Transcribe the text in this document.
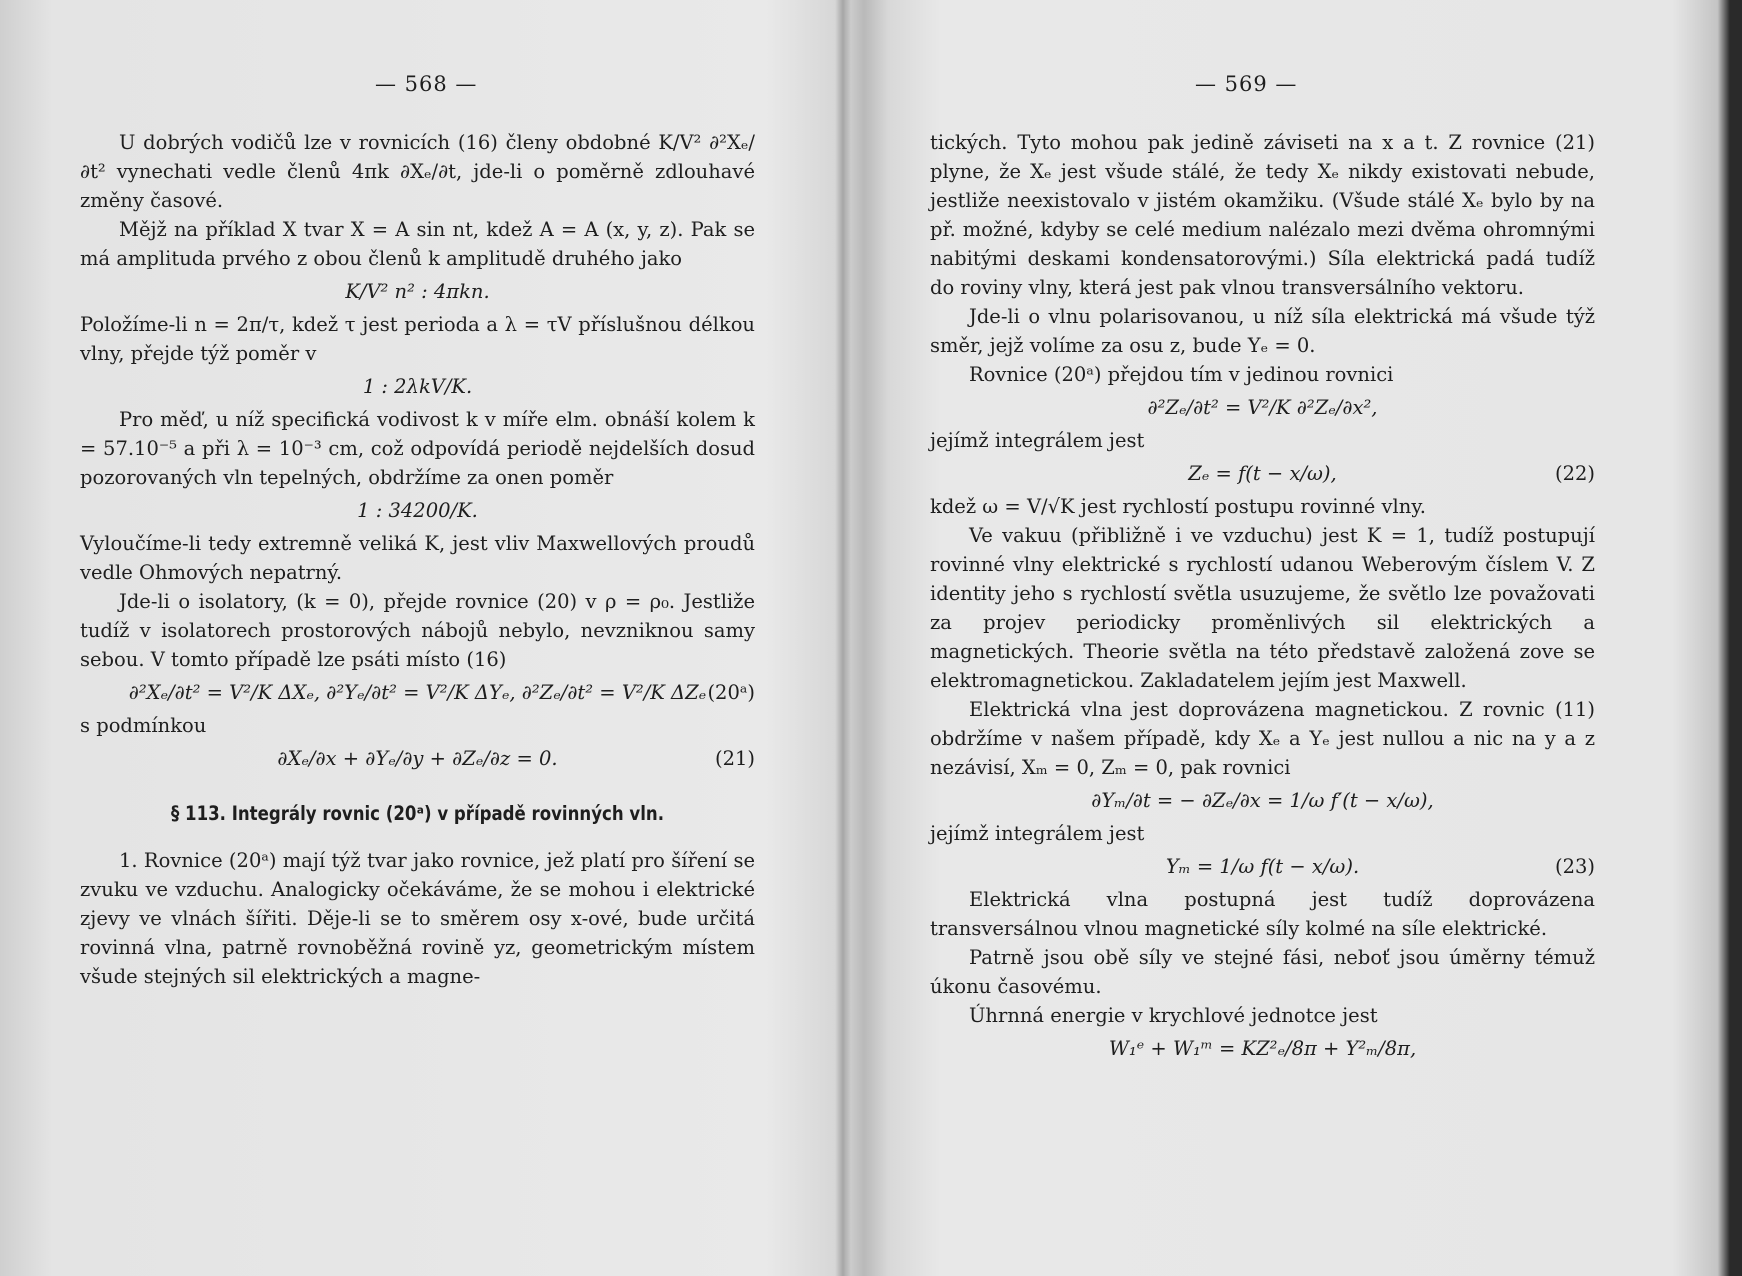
— 568 —

U dobrých vodičů lze v rovnicích (16) členy obdobné K/V² ∂²Xₑ/∂t² vynechati vedle členů 4πk ∂Xₑ/∂t, jde-li o poměrně zdlouhavé změny časové.

Mějž na příklad X tvar X = A sin nt, kdež A = A (x, y, z). Pak se má amplituda prvého z obou členů k amplitudě druhého jako

K/V² n² : 4πkn.

Položíme-li n = 2π/τ, kdež τ jest perioda a λ = τV příslušnou délkou vlny, přejde týž poměr v

1 : 2λkV/K.

Pro měď, u níž specifická vodivost k v míře elm. obnáší kolem k = 57.10⁻⁵ a při λ = 10⁻³ cm, což odpovídá periodě nejdelších dosud pozorovaných vln tepelných, obdržíme za onen poměr

1 : 34200/K.

Vyloučíme-li tedy extremně veliká K, jest vliv Maxwellových proudů vedle Ohmových nepatrný.

Jde-li o isolatory, (k = 0), přejde rovnice (20) v ρ = ρ₀. Jestliže tudíž v isolatorech prostorových nábojů nebylo, nevzniknou samy sebou. V tomto případě lze psáti místo (16)

∂²Xₑ/∂t² = V²/K ΔXₑ, ∂²Yₑ/∂t² = V²/K ΔYₑ, ∂²Zₑ/∂t² = V²/K ΔZₑ (20ᵃ)

s podmínkou

∂Xₑ/∂x + ∂Yₑ/∂y + ∂Zₑ/∂z = 0.	(21)
§ 113. Integrály rovnic (20ᵃ) v případě rovinných vln.

1. Rovnice (20ᵃ) mají týž tvar jako rovnice, jež platí pro šíření se zvuku ve vzduchu. Analogicky očekáváme, že se mohou i elektrické zjevy ve vlnách šířiti. Děje-li se to směrem osy x-ové, bude určitá rovinná vlna, patrně rovnoběžná rovině yz, geometrickým místem všude stejných sil elektrických a magne-

— 569 —

tických. Tyto mohou pak jedině záviseti na x a t. Z rovnice (21) plyne, že Xₑ jest všude stálé, že tedy Xₑ nikdy existovati nebude, jestliže neexistovalo v jistém okamžiku. (Všude stálé Xₑ bylo by na př. možné, kdyby se celé medium nalézalo mezi dvěma ohromnými nabitými deskami kondensatorovými.) Síla elektrická padá tudíž do roviny vlny, která jest pak vlnou transversálního vektoru.

Jde-li o vlnu polarisovanou, u níž síla elektrická má všude týž směr, jejž volíme za osu z, bude Yₑ = 0.

Rovnice (20ᵃ) přejdou tím v jedinou rovnici

∂²Zₑ/∂t² = V²/K ∂²Zₑ/∂x²,

jejímž integrálem jest

Zₑ = f(t − x/ω),	(22)

kdež ω = V/√K jest rychlostí postupu rovinné vlny.

Ve vakuu (přibližně i ve vzduchu) jest K = 1, tudíž postupují rovinné vlny elektrické s rychlostí udanou Weberovým číslem V. Z identity jeho s rychlostí světla usuzujeme, že světlo lze považovati za projev periodicky proměnlivých sil elektrických a magnetických. Theorie světla na této představě založená zove se elektromagnetickou. Zakladatelem jejím jest Maxwell.

Elektrická vlna jest doprovázena magnetickou. Z rovnic (11) obdržíme v našem případě, kdy Xₑ a Yₑ jest nullou a nic na y a z nezávisí, Xₘ = 0, Zₘ = 0, pak rovnici

∂Yₘ/∂t = − ∂Zₑ/∂x = 1/ω f′(t − x/ω),

jejímž integrálem jest

Yₘ = 1/ω f(t − x/ω).	(23)

Elektrická vlna postupná jest tudíž doprovázena transversálnou vlnou magnetické síly kolmé na síle elektrické.

Patrně jsou obě síly ve stejné fási, neboť jsou úměrny témuž úkonu časovému.

Úhrnná energie v krychlové jednotce jest

W₁ᵉ + W₁ᵐ = KZ²ₑ/8π + Y²ₘ/8π,
